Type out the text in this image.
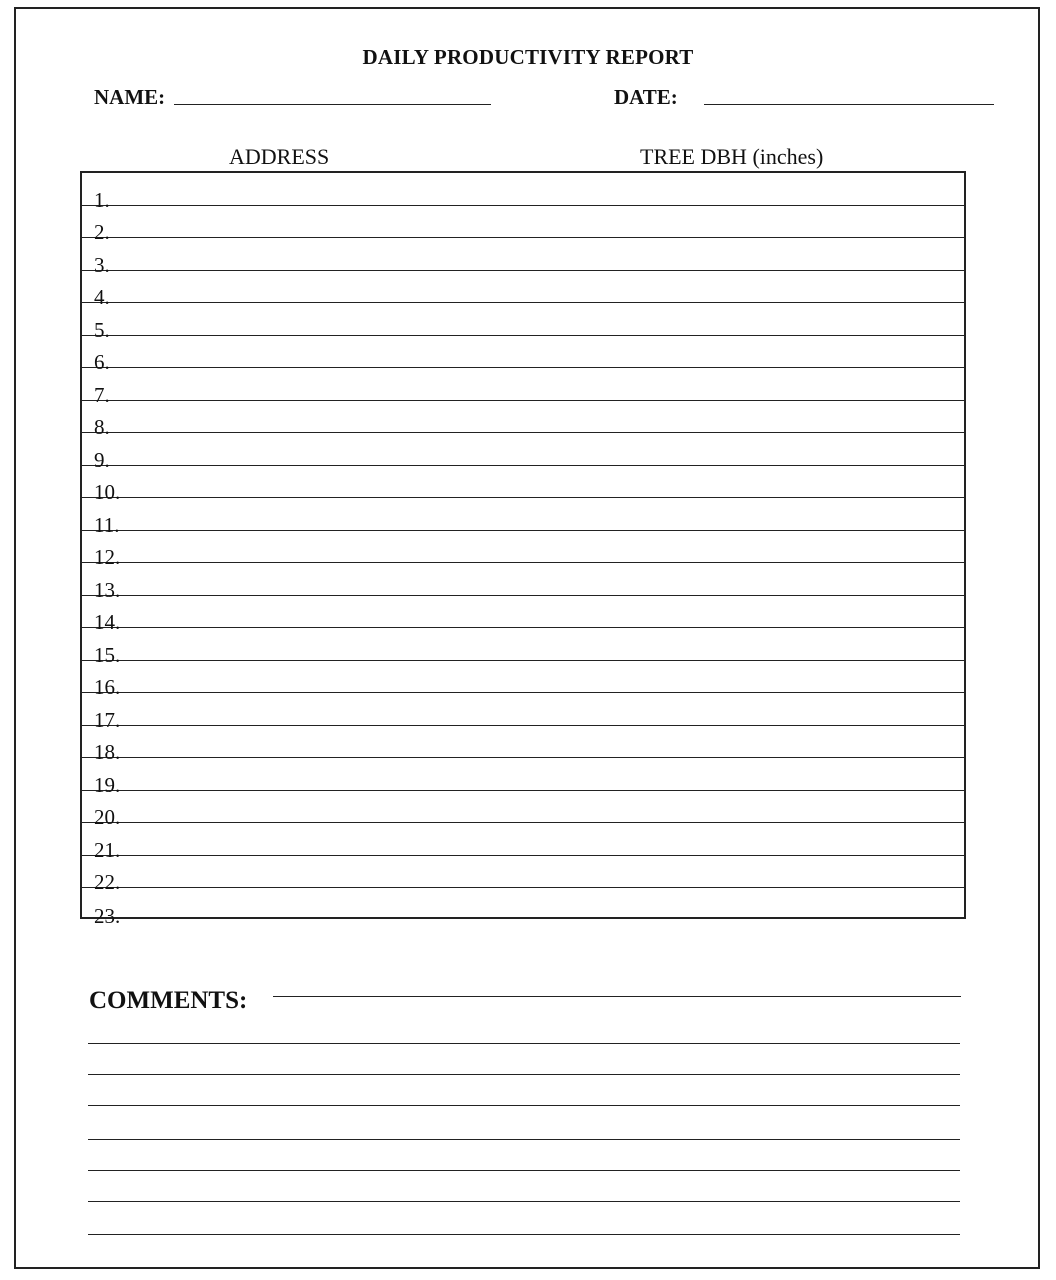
DAILY PRODUCTIVITY REPORT
NAME:	DATE:
ADDRESS	TREE DBH (inches)
1.
2.
3.
4.
5.
6.
7.
8.
9.
10.
11.
12.
13.
14.
15.
16.
17.
18.
19.
20.
21.
22.
23.
COMMENTS:
